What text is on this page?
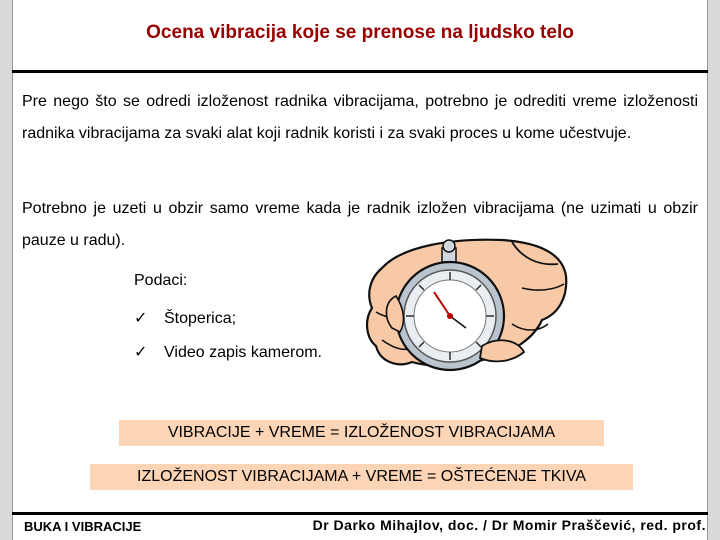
Ocena vibracija koje se prenose na ljudsko telo
Pre nego što se odredi izloženost radnika vibracijama, potrebno je odrediti vreme izloženosti radnika vibracijama za svaki alat koji radnik koristi i za svaki proces u kome učestvuje.
Potrebno je uzeti u obzir samo vreme kada je radnik izložen vibracijama (ne uzimati u obzir pauze u radu).
Podaci:
✓ Štoperica;
✓ Video zapis kamerom.
VIBRACIJE + VREME = IZLOŽENOST VIBRACIJAMA
IZLOŽENOST VIBRACIJAMA + VREME = OŠTEĆENJE TKIVA
BUKA I VIBRACIJE	Dr Darko Mihajlov, doc. / Dr Momir Praščević, red. prof.
